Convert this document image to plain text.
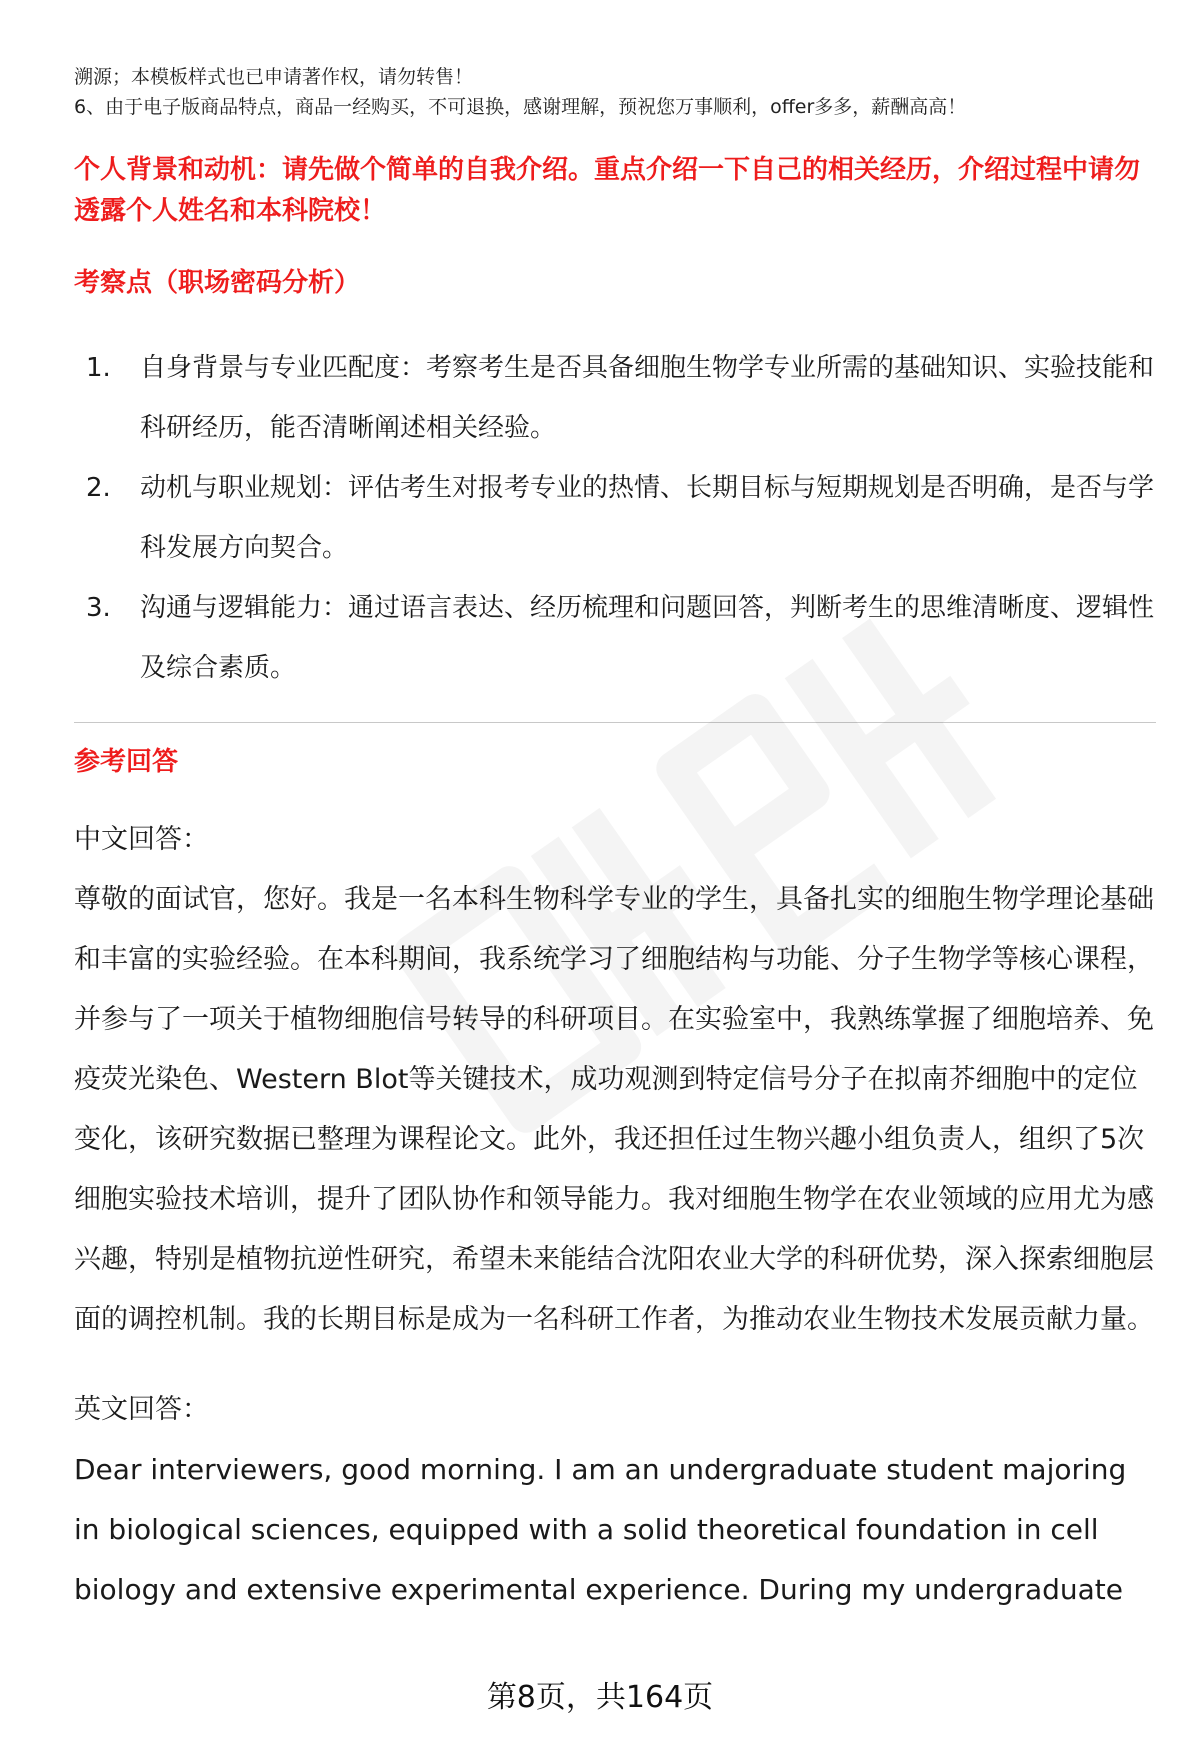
溯源；本模板样式也已申请著作权，请勿转售！

6、由于电子版商品特点，商品一经购买，不可退换，感谢理解，预祝您万事顺利，offer多多，薪酬高高！

个人背景和动机：请先做个简单的自我介绍。重点介绍一下自己的相关经历，介绍过程中请勿透露个人姓名和本科院校！

考察点（职场密码分析）

1.	自身背景与专业匹配度：考察考生是否具备细胞生物学专业所需的基础知识、实验技能和科研经历，能否清晰阐述相关经验。
2.	动机与职业规划：评估考生对报考专业的热情、长期目标与短期规划是否明确，是否与学科发展方向契合。
3.	沟通与逻辑能力：通过语言表达、经历梳理和问题回答，判断考生的思维清晰度、逻辑性及综合素质。

参考回答

中文回答：

尊敬的面试官，您好。我是一名本科生物科学专业的学生，具备扎实的细胞生物学理论基础和丰富的实验经验。在本科期间，我系统学习了细胞结构与功能、分子生物学等核心课程，并参与了一项关于植物细胞信号转导的科研项目。在实验室中，我熟练掌握了细胞培养、免疫荧光染色、Western Blot等关键技术，成功观测到特定信号分子在拟南芥细胞中的定位变化，该研究数据已整理为课程论文。此外，我还担任过生物兴趣小组负责人，组织了5次细胞实验技术培训，提升了团队协作和领导能力。我对细胞生物学在农业领域的应用尤为感兴趣，特别是植物抗逆性研究，希望未来能结合沈阳农业大学的科研优势，深入探索细胞层面的调控机制。我的长期目标是成为一名科研工作者，为推动农业生物技术发展贡献力量。

英文回答：

Dear interviewers, good morning. I am an undergraduate student majoring in biological sciences, equipped with a solid theoretical foundation in cell biology and extensive experimental experience. During my undergraduate

第8页，共164页
